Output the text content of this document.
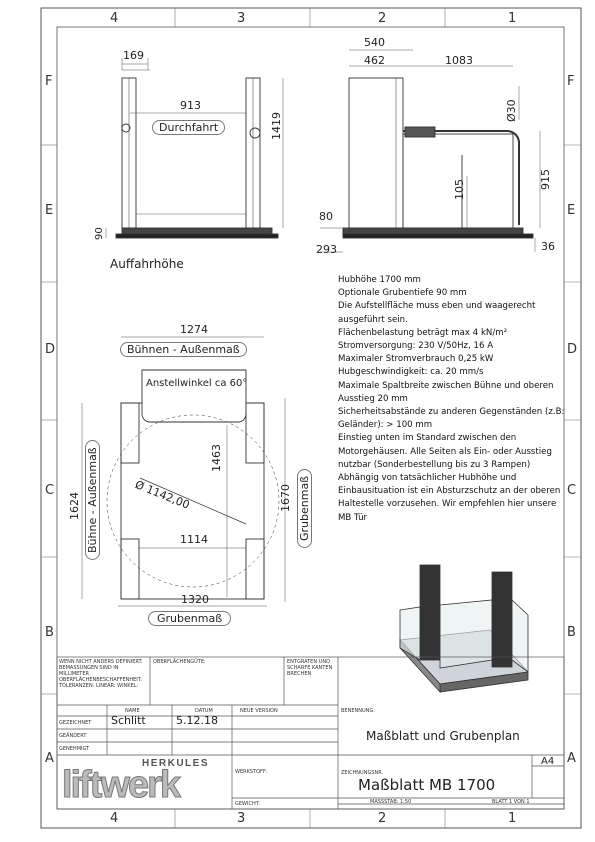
4	3	2	1
4	3	2	1
F
E
D
C
B
A
F
E
D
C
B
A
169
913
Durchfahrt	1419
90
Auffahrhöhe
540
462	1083
Ø30
915
105
80
293	36
1274
Bühnen - Außenmaß
Anstellwinkel ca 60°
1624 Bühne - Außenmaß	1463
Ø 1142,00
1114
1670 Grubenmaß
1320
Grubenmaß
Hubhöhe 1700 mm
Optionale Grubentiefe 90 mm
Die Aufstellfläche muss eben und waagerecht ausgeführt sein.
Flächenbelastung beträgt max 4 kN/m²
Stromversorgung: 230 V/50Hz, 16 A
Maximaler Stromverbrauch 0,25 kW
Hubgeschwindigkeit: ca. 20 mm/s
Maximale Spaltbreite zwischen Bühne und oberen Ausstieg 20 mm
Sicherheitsabstände zu anderen Gegenständen (z.B: Geländer): > 100 mm
Einstieg unten im Standard zwischen den Motorgehäusen. Alle Seiten als Ein- oder Ausstieg nutzbar (Sonderbestellung bis zu 3 Rampen)
Abhängig von tatsächlicher Hubhöhe und Einbausituation ist ein Absturzschutz an der oberen Haltestelle vorzusehen. Wir empfehlen hier unsere MB Tür
WENN NICHT ANDERS DEFINIERT: BEMASSUNGEN SIND IN MILLIMETER OBERFLÄCHENBESCHAFFENHEIT: TOLERANZEN: LINEAR: WINKEL:
OBERFLÄCHENGÜTE:	ENTGRATEN UND SCHARFE KANTEN BRECHEN
NAME	DATUM	NEUE VERSION
GEZEICHNET Schlitt	5.12.18
GEÄNDERT
GENEHMIGT
BENENNUNG:
Maßblatt und Grubenplan
WERKSTOFF:	ZEICHNUNGSNR.
Maßblatt MB 1700
A4
GEWICHT:	MASSSTAB: 1:50	BLATT 1 VON 1
HERKULES
liftwerk
